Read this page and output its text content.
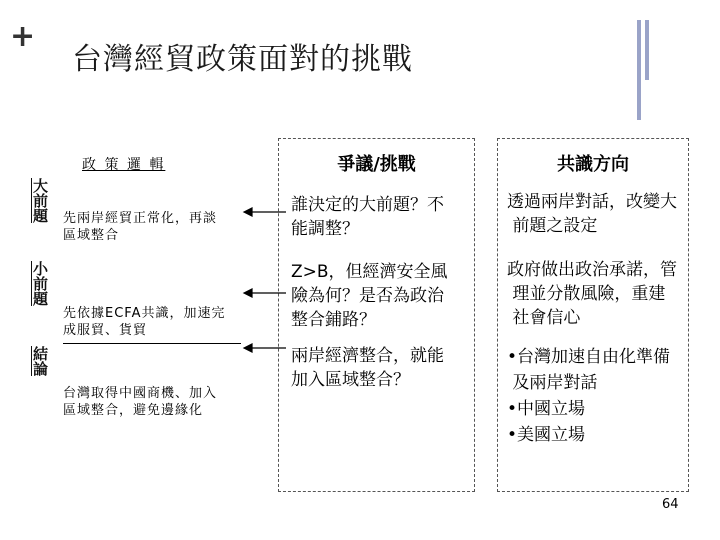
+
台灣經貿政策面對的挑戰
政 策 邏 輯
大前題
小前題
結論
先兩岸經貿正常化，再談
區域整合
先依據ECFA共識，加速完
成服貿、貨貿
台灣取得中國商機、加入
區域整合，避免邊緣化
爭議/挑戰
誰決定的大前題？不
能調整？
Z>B，但經濟安全風
險為何？是否為政治
整合鋪路？
兩岸經濟整合，就能
加入區域整合？
共識方向
透過兩岸對話，改變大
前題之設定
政府做出政治承諾，管
理並分散風險，重建
社會信心
•台灣加速自由化準備
及兩岸對話
•中國立場
•美國立場
64
